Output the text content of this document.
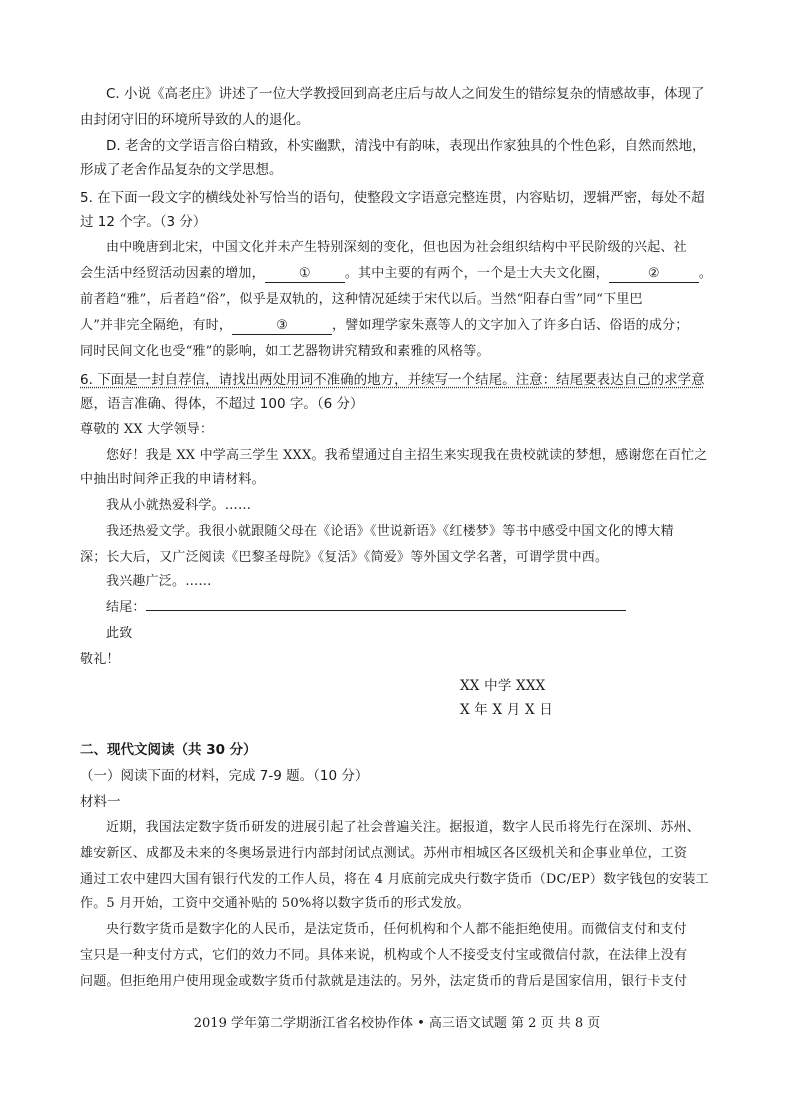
C. 小说《高老庄》讲述了一位大学教授回到高老庄后与故人之间发生的错综复杂的情感故事，体现了
由封闭守旧的环境所导致的人的退化。
D. 老舍的文学语言俗白精致，朴实幽默，清浅中有韵味，表现出作家独具的个性色彩，自然而然地，
形成了老舍作品复杂的文学思想。
5. 在下面一段文字的横线处补写恰当的语句，使整段文字语意完整连贯，内容贴切，逻辑严密，每处不超
过 12 个字。（3 分）
由中晚唐到北宋，中国文化并未产生特别深刻的变化，但也因为社会组织结构中平民阶级的兴起、社
会生活中经贸活动因素的增加，	①	。其中主要的有两个，一个是士大夫文化圈，	②	。
前者趋“雅”，后者趋“俗”，似乎是双轨的，这种情况延续于宋代以后。当然“阳春白雪”同“下里巴
人”并非完全隔绝，有时，	③	，譬如理学家朱熹等人的文字加入了许多白话、俗语的成分；
同时民间文化也受“雅”的影响，如工艺器物讲究精致和素雅的风格等。
6. 下面是一封自荐信，请找出两处用词不准确的地方，并续写一个结尾。注意：结尾要表达自己的求学意
愿，语言准确、得体，不超过 100 字。（6 分）
尊敬的 XX 大学领导：
您好！我是 XX 中学高三学生 XXX。我希望通过自主招生来实现我在贵校就读的梦想，感谢您在百忙之
中抽出时间斧正我的申请材料。
我从小就热爱科学。……
我还热爱文学。我很小就跟随父母在《论语》《世说新语》《红楼梦》等书中感受中国文化的博大精
深；长大后，又广泛阅读《巴黎圣母院》《复活》《简爱》等外国文学名著，可谓学贯中西。
我兴趣广泛。……
结尾：
此致
敬礼！
XX 中学 XXX
X 年 X 月 X 日
二、现代文阅读（共 30 分）
（一）阅读下面的材料，完成 7-9 题。（10 分）
材料一
近期，我国法定数字货币研发的进展引起了社会普遍关注。据报道，数字人民币将先行在深圳、苏州、
雄安新区、成都及未来的冬奥场景进行内部封闭试点测试。苏州市相城区各区级机关和企事业单位，工资
通过工农中建四大国有银行代发的工作人员，将在 4 月底前完成央行数字货币（DC/EP）数字钱包的安装工
作。5 月开始，工资中交通补贴的 50%将以数字货币的形式发放。
央行数字货币是数字化的人民币，是法定货币，任何机构和个人都不能拒绝使用。而微信支付和支付
宝只是一种支付方式，它们的效力不同。具体来说，机构或个人不接受支付宝或微信付款，在法律上没有
问题。但拒绝用户使用现金或数字货币付款就是违法的。另外，法定货币的背后是国家信用，银行卡支付
2019 学年第二学期浙江省名校协作体 • 高三语文试题 第 2 页 共 8 页
